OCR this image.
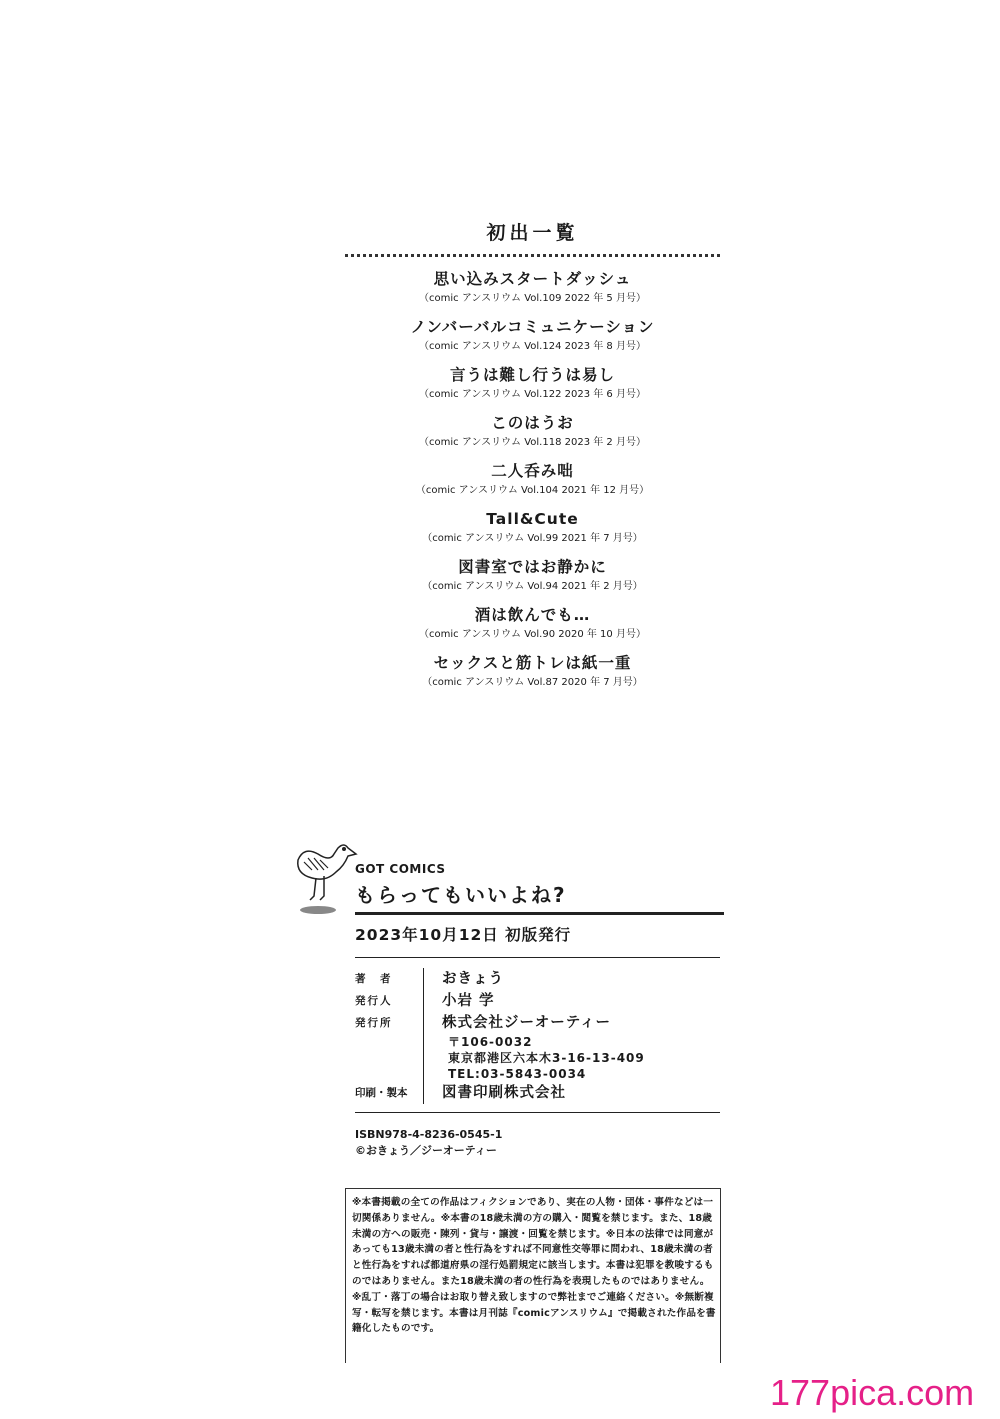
初出一覧
思い込みスタートダッシュ
（comic アンスリウム Vol.109 2022 年 5 月号）
ノンバーバルコミュニケーション
（comic アンスリウム Vol.124 2023 年 8 月号）
言うは難し行うは易し
（comic アンスリウム Vol.122 2023 年 6 月号）
このはうお
（comic アンスリウム Vol.118 2023 年 2 月号）
二人呑み咄
（comic アンスリウム Vol.104 2021 年 12 月号）
Tall&Cute
（comic アンスリウム Vol.99 2021 年 7 月号）
図書室ではお静かに
（comic アンスリウム Vol.94 2021 年 2 月号）
酒は飲んでも…
（comic アンスリウム Vol.90 2020 年 10 月号）
セックスと筋トレは紙一重
（comic アンスリウム Vol.87 2020 年 7 月号）
GOT COMICS
もらってもいいよね?
2023年10月12日 初版発行
著　者	おきょう
発行人	小岩 学
発行所	株式会社ジーオーティー
〒106-0032
東京都港区六本木3-16-13-409
TEL:03-5843-0034
印刷・製本	図書印刷株式会社
ISBN978-4-8236-0545-1
©おきょう／ジーオーティー
※本書掲載の全ての作品はフィクションであり、実在の人物・団体・事件などは一切関係ありません。※本書の18歳未満の方の購入・閲覧を禁じます。また、18歳未満の方への販売・陳列・貸与・譲渡・回覧を禁じます。※日本の法律では同意があっても13歳未満の者と性行為をすれば不同意性交等罪に問われ、18歳未満の者と性行為をすれば都道府県の淫行処罰規定に該当します。本書は犯罪を教唆するものではありません。また18歳未満の者の性行為を表現したものではありません。※乱丁・落丁の場合はお取り替え致しますので弊社までご連絡ください。※無断複写・転写を禁じます。本書は月刊誌『comicアンスリウム』で掲載された作品を書籍化したものです。
177pica.com
